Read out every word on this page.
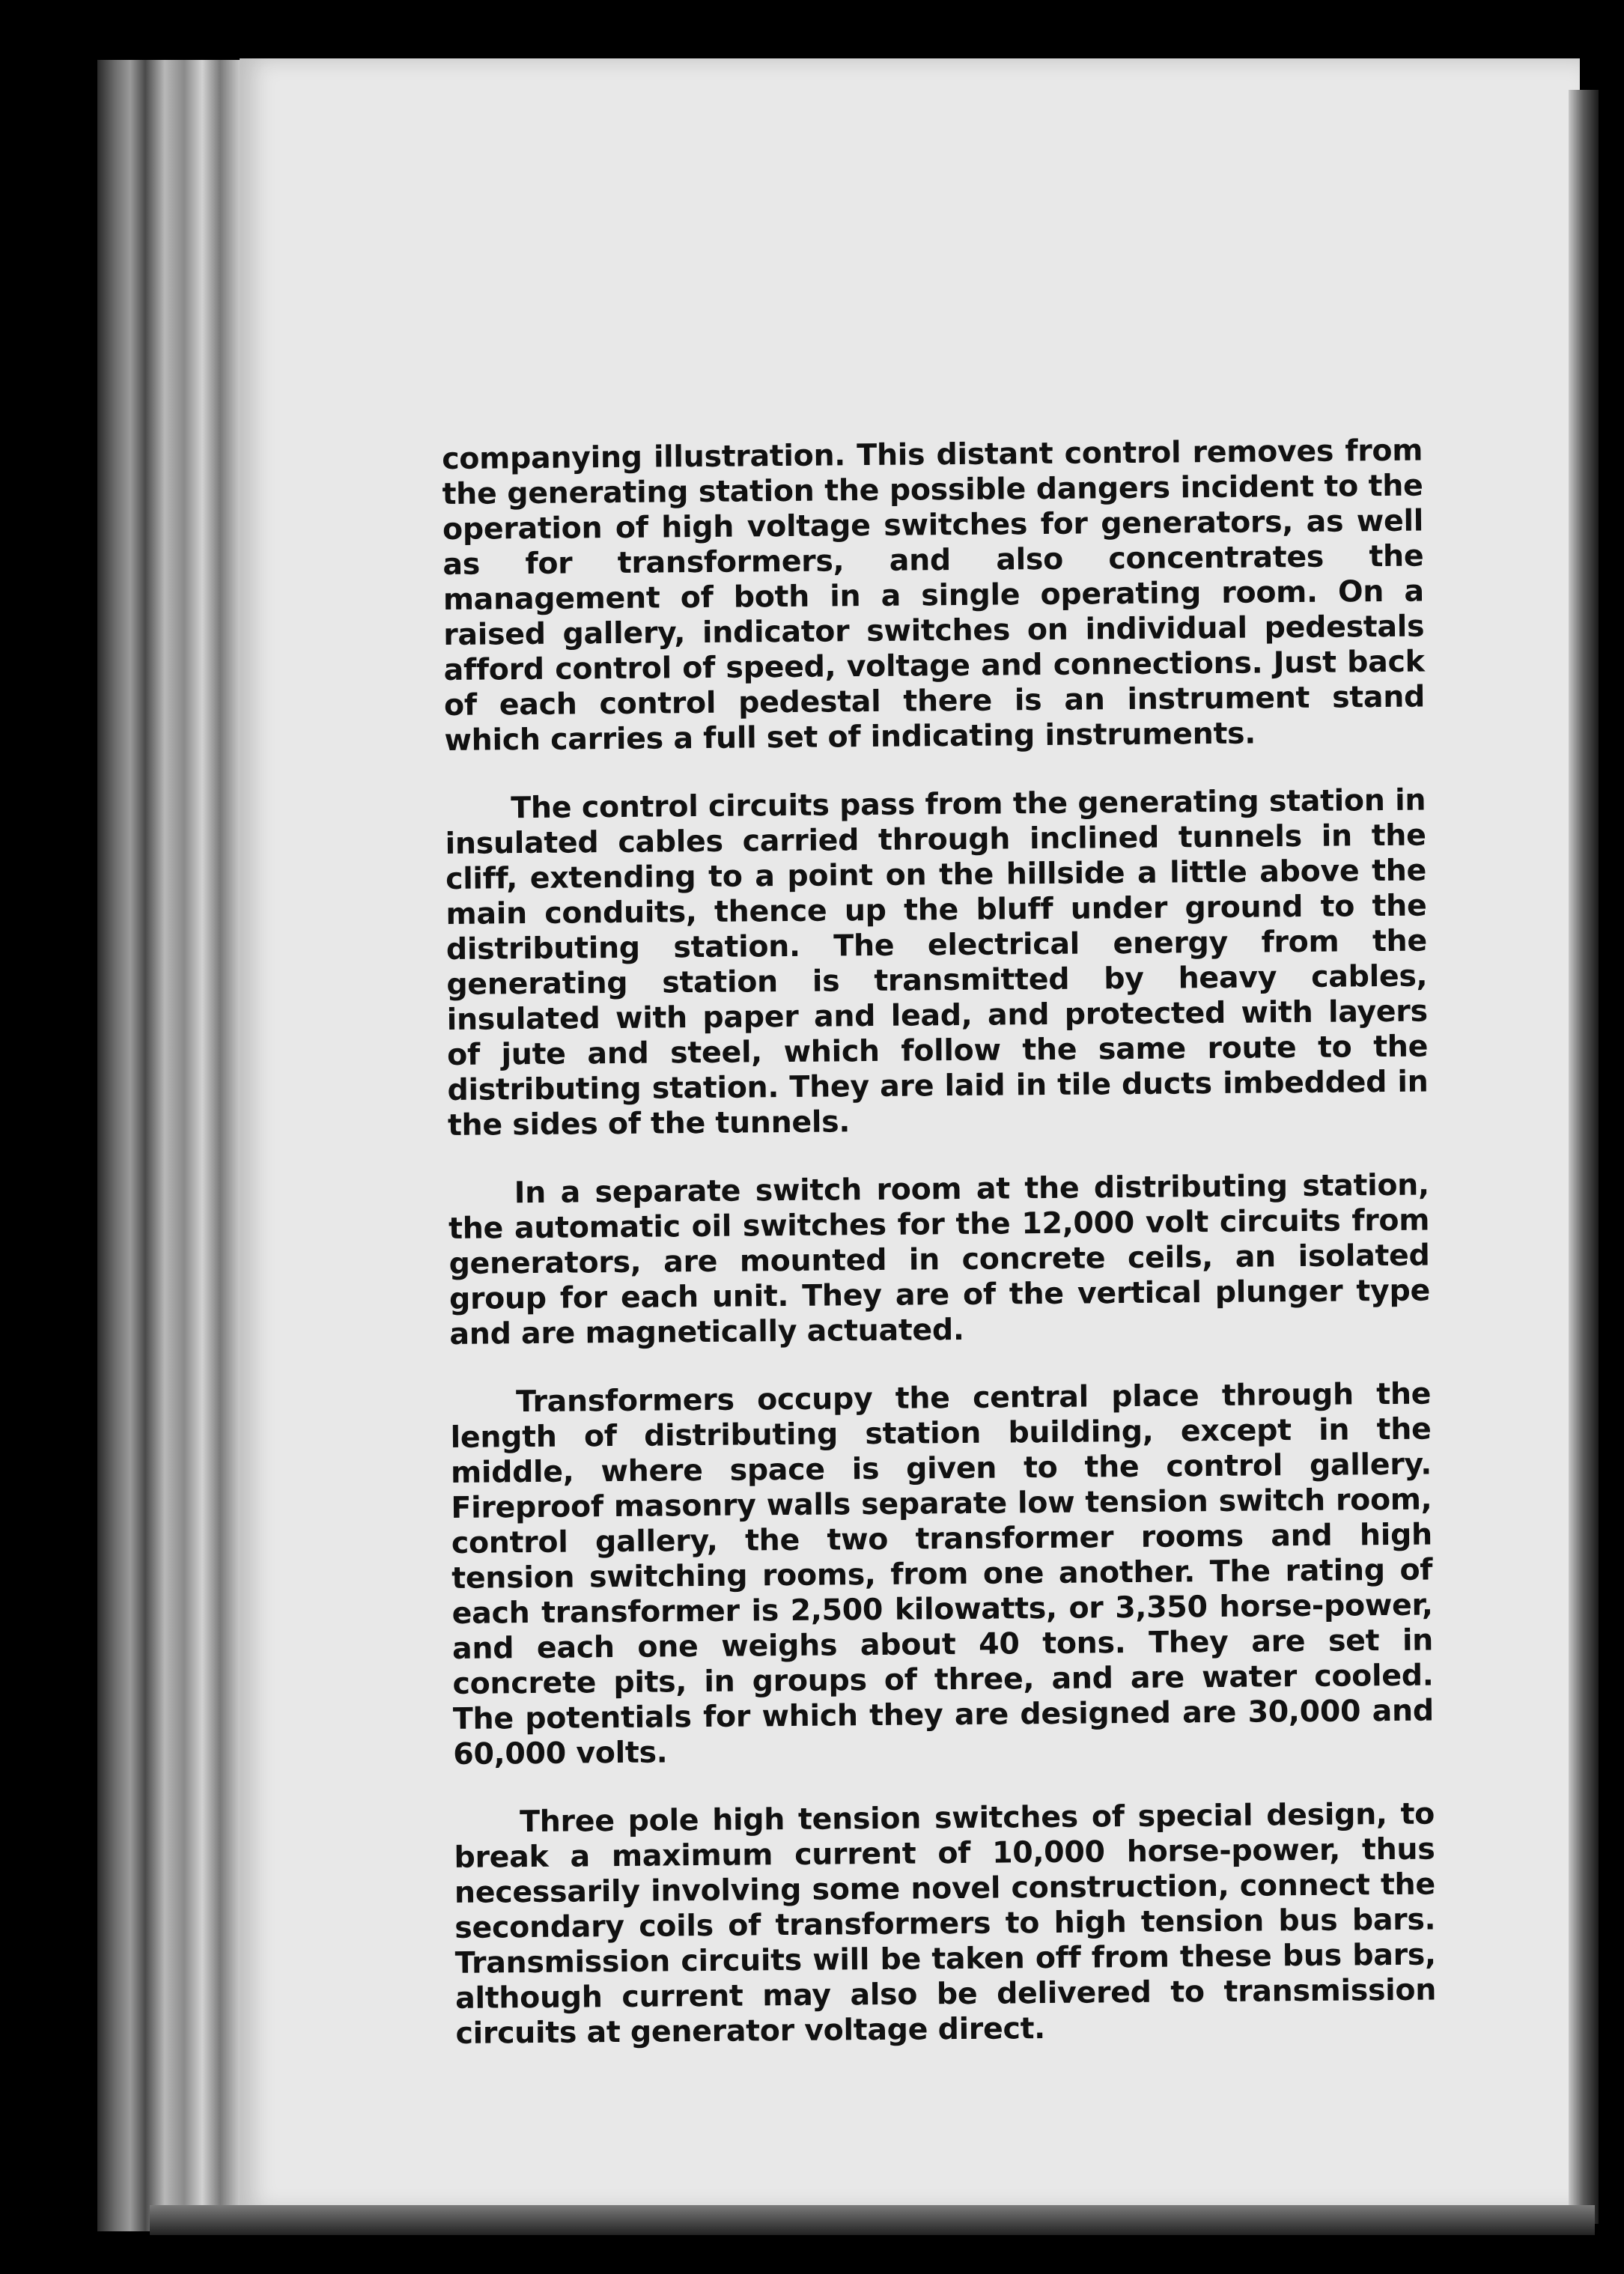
companying illustration. This distant control removes from the generating station the possible dangers incident to the operation of high voltage switches for generators, as well as for transformers, and also concentrates the management of both in a single operating room. On a raised gallery, indicator switches on individual pedestals afford control of speed, voltage and connections. Just back of each control pedestal there is an instrument stand which carries a full set of indicating instruments.

The control circuits pass from the generating station in insulated cables carried through inclined tunnels in the cliff, extending to a point on the hillside a little above the main conduits, thence up the bluff under ground to the distributing station. The electrical energy from the generating station is transmitted by heavy cables, insulated with paper and lead, and protected with layers of jute and steel, which follow the same route to the distributing station. They are laid in tile ducts imbedded in the sides of the tunnels.

In a separate switch room at the distributing station, the automatic oil switches for the 12,000 volt circuits from generators, are mounted in concrete ceils, an isolated group for each unit. They are of the vertical plunger type and are magnetically actuated.

Transformers occupy the central place through the length of distributing station building, except in the middle, where space is given to the control gallery. Fireproof masonry walls separate low tension switch room, control gallery, the two transformer rooms and high tension switching rooms, from one another. The rating of each transformer is 2,500 kilowatts, or 3,350 horse-power, and each one weighs about 40 tons. They are set in concrete pits, in groups of three, and are water cooled. The potentials for which they are designed are 30,000 and 60,000 volts.

Three pole high tension switches of special design, to break a maximum current of 10,000 horse-power, thus necessarily involving some novel construction, connect the secondary coils of transformers to high tension bus bars. Transmission circuits will be taken off from these bus bars, although current may also be delivered to transmission circuits at generator voltage direct.
